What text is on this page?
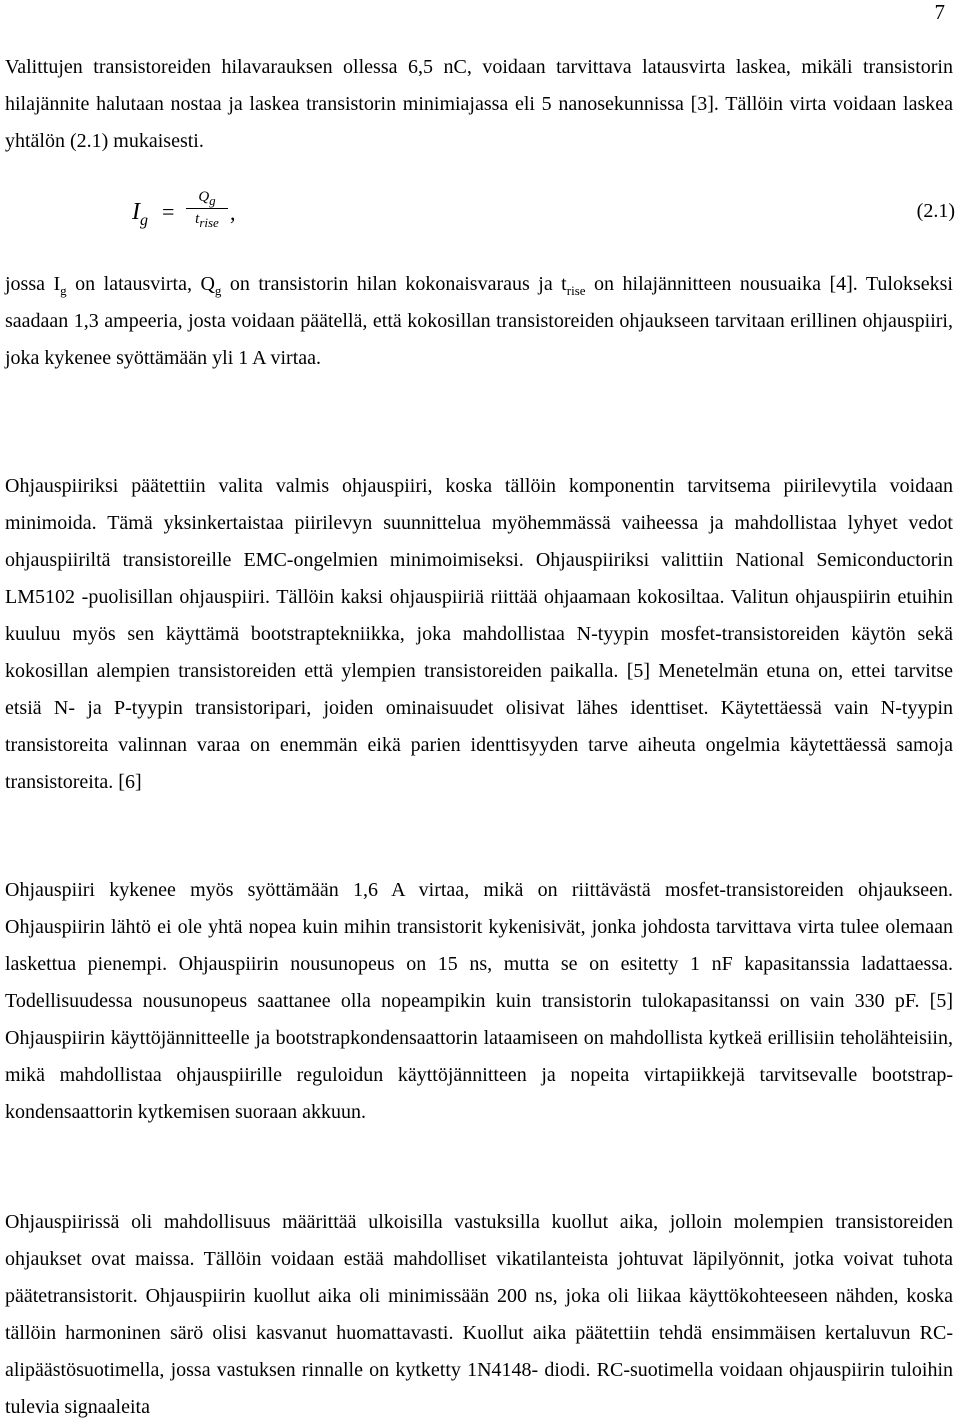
7

Valittujen transistoreiden hilavarauksen ollessa 6,5 nC, voidaan tarvittava latausvirta laskea, mikäli transistorin hilajännite halutaan nostaa ja laskea transistorin minimiajassa eli 5 nanosekunnissa [3]. Tällöin virta voidaan laskea yhtälön (2.1) mukaisesti.

$I_g$ =
$Q_g$
$t_{rise}$ ,	(2.1)

jossa $I_g$ on latausvirta, $Q_g$ on transistorin hilan kokonaisvaraus ja $t_{rise}$ on hilajännitteen nousuaika [4]. Tulokseksi saadaan 1,3 ampeeria, josta voidaan päätellä, että kokosillan transistoreiden ohjaukseen tarvitaan erillinen ohjauspiiri, joka kykenee syöttämään yli 1 A virtaa.

Ohjauspiiriksi päätettiin valita valmis ohjauspiiri, koska tällöin komponentin tarvitsema piirilevytila voidaan minimoida. Tämä yksinkertaistaa piirilevyn suunnittelua myöhemmässä vaiheessa ja mahdollistaa lyhyet vedot ohjauspiiriltä transistoreille EMC-ongelmien minimoimiseksi. Ohjauspiiriksi valittiin National Semiconductorin LM5102 -puolisillan ohjauspiiri. Tällöin kaksi ohjauspiiriä riittää ohjaamaan kokosiltaa. Valitun ohjauspiirin etuihin kuuluu myös sen käyttämä bootstraptekniikka, joka mahdollistaa N-tyypin mosfet-transistoreiden käytön sekä kokosillan alempien transistoreiden että ylempien transistoreiden paikalla. [5] Menetelmän etuna on, ettei tarvitse etsiä N- ja P-tyypin transistoripari, joiden ominaisuudet olisivat lähes identtiset. Käytettäessä vain N-tyypin transistoreita valinnan varaa on enemmän eikä parien identtisyyden tarve aiheuta ongelmia käytettäessä samoja transistoreita. [6]

Ohjauspiiri kykenee myös syöttämään 1,6 A virtaa, mikä on riittävästä mosfet-transistoreiden ohjaukseen. Ohjauspiirin lähtö ei ole yhtä nopea kuin mihin transistorit kykenisivät, jonka johdosta tarvittava virta tulee olemaan laskettua pienempi. Ohjauspiirin nousunopeus on 15 ns, mutta se on esitetty 1 nF kapasitanssia ladattaessa. Todellisuudessa nousunopeus saattanee olla nopeampikin kuin transistorin tulokapasitanssi on vain 330 pF. [5] Ohjauspiirin käyttöjännitteelle ja bootstrapkondensaattorin lataamiseen on mahdollista kytkeä erillisiin teholähteisiin, mikä mahdollistaa ohjauspiirille reguloidun käyttöjännitteen ja nopeita virtapiikkejä tarvitsevalle bootstrap-kondensaattorin kytkemisen suoraan akkuun.

Ohjauspiirissä oli mahdollisuus määrittää ulkoisilla vastuksilla kuollut aika, jolloin molempien transistoreiden ohjaukset ovat maissa. Tällöin voidaan estää mahdolliset vikatilanteista johtuvat läpilyönnit, jotka voivat tuhota päätetransistorit. Ohjauspiirin kuollut aika oli minimissään 200 ns, joka oli liikaa käyttökohteeseen nähden, koska tällöin harmoninen särö olisi kasvanut huomattavasti. Kuollut aika päätettiin tehdä ensimmäisen kertaluvun RC-alipäästösuotimella, jossa vastuksen rinnalle on kytketty 1N4148- diodi. RC-suotimella voidaan ohjauspiirin tuloihin tulevia signaaleita
